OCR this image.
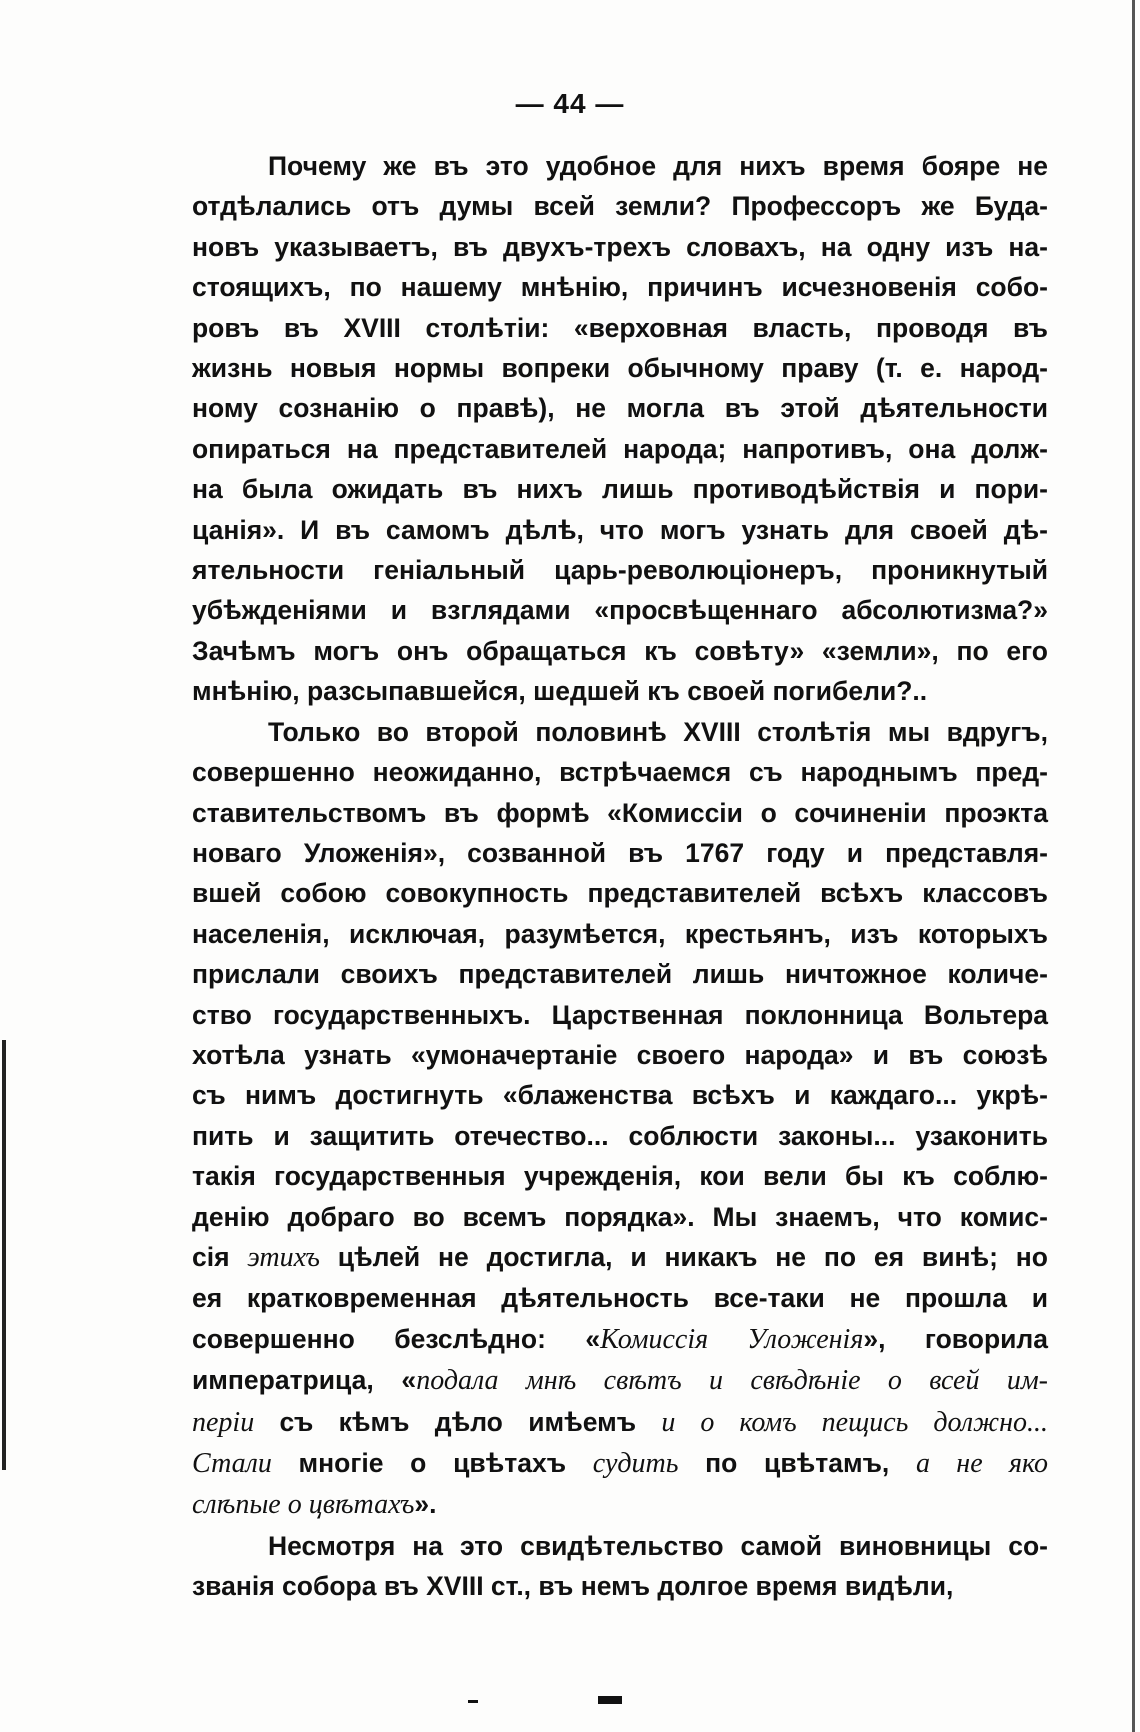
— 44 —
Почему же въ это удобное для нихъ время бояре не
отдѣлались отъ думы всей земли? Профессоръ же Буда-
новъ указываетъ, въ двухъ-трехъ словахъ, на одну изъ на-
стоящихъ, по нашему мнѣнію, причинъ исчезновенія собо-
ровъ въ XVIII столѣтіи: «верховная власть, проводя въ
жизнь новыя нормы вопреки обычному праву (т. е. народ-
ному сознанію о правѣ), не могла въ этой дѣятельности
опираться на представителей народа; напротивъ, она долж-
на была ожидать въ нихъ лишь противодѣйствія и пори-
цанія». И въ самомъ дѣлѣ, что могъ узнать для своей дѣ-
ятельности геніальный царь-революціонеръ, проникнутый
убѣжденіями и взглядами «просвѣщеннаго абсолютизма?»
Зачѣмъ могъ онъ обращаться къ совѣту» «земли», по его
мнѣнію, разсыпавшейся, шедшей къ своей погибели?..
Только во второй половинѣ XVIII столѣтія мы вдругъ,
совершенно неожиданно, встрѣчаемся съ народнымъ пред-
ставительствомъ въ формѣ «Комиссіи о сочиненіи проэкта
новаго Уложенія», созванной въ 1767 году и представля-
вшей собою совокупность представителей всѣхъ классовъ
населенія, исключая, разумѣется, крестьянъ, изъ которыхъ
прислали своихъ представителей лишь ничтожное количе-
ство государственныхъ. Царственная поклонница Вольтера
хотѣла узнать «умоначертаніе своего народа» и въ союзѣ
съ нимъ достигнуть «блаженства всѣхъ и каждаго... укрѣ-
пить и защитить отечество... соблюсти законы... узаконить
такія государственныя учрежденія, кои вели бы къ соблю-
денію добраго во всемъ порядка». Мы знаемъ, что комис-
сія этихъ цѣлей не достигла, и никакъ не по ея винѣ; но
ея кратковременная дѣятельность все-таки не прошла и
совершенно безслѣдно: «Комиссія Уложенія», говорила
императрица, «подала мнѣ свѣтъ и свѣдѣніе о всей им-
періи съ кѣмъ дѣло имѣемъ и о комъ пещись должно...
Стали многіе о цвѣтахъ судить по цвѣтамъ, а не яко
слѣпые о цвѣтахъ».
Несмотря на это свидѣтельство самой виновницы со-
званія собора въ XVIII ст., въ немъ долгое время видѣли,
